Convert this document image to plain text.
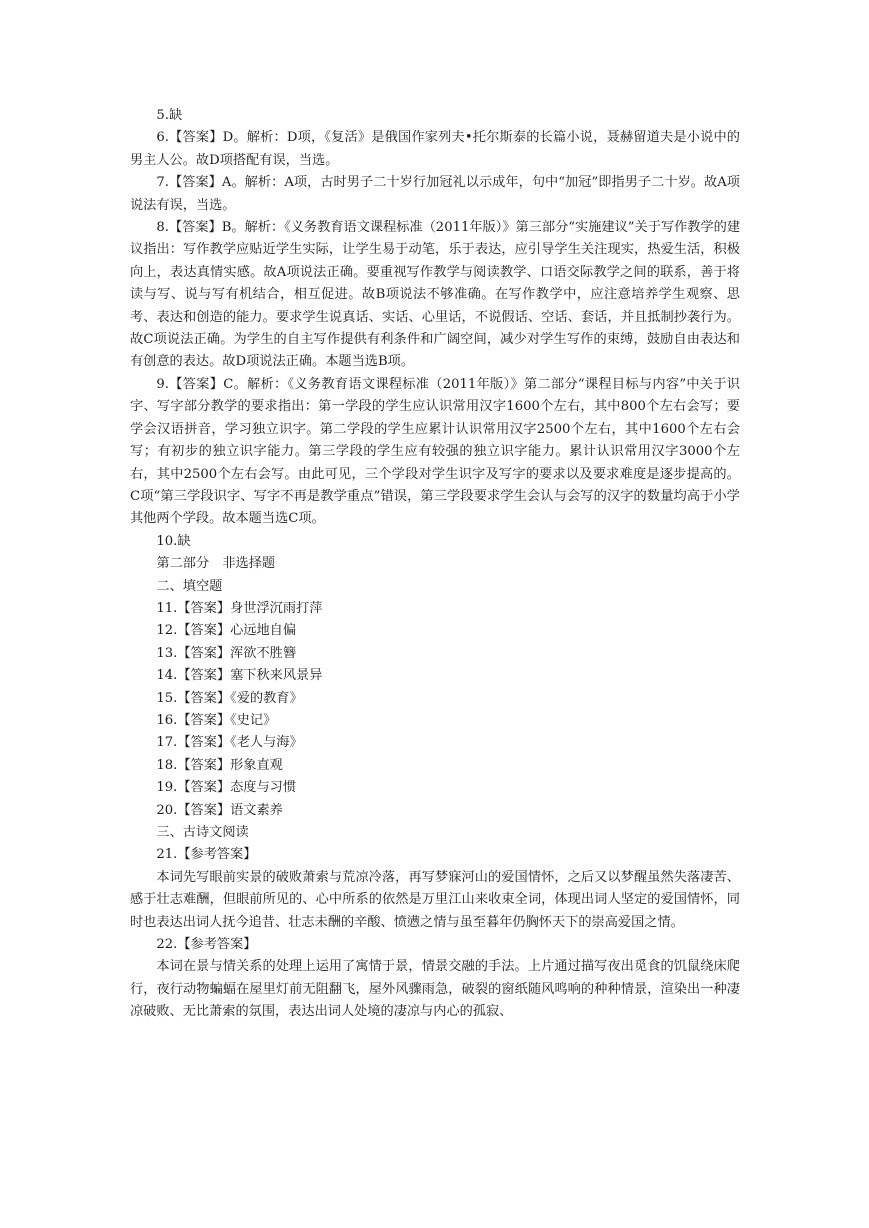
5.缺

6.【答案】D。解析：D项，《复活》是俄国作家列夫•托尔斯泰的长篇小说，聂赫留道夫是小说中的男主人公。故D项搭配有误，当选。

7.【答案】A。解析：A项，古时男子二十岁行加冠礼以示成年，句中“加冠”即指男子二十岁。故A项说法有误，当选。

8.【答案】B。解析：《义务教育语文课程标准（2011年版）》第三部分“实施建议”关于写作教学的建议指出：写作教学应贴近学生实际，让学生易于动笔，乐于表达，应引导学生关注现实，热爱生活，积极向上，表达真情实感。故A项说法正确。要重视写作教学与阅读教学、口语交际教学之间的联系，善于将读与写、说与写有机结合，相互促进。故B项说法不够准确。在写作教学中，应注意培养学生观察、思考、表达和创造的能力。要求学生说真话、实话、心里话，不说假话、空话、套话，并且抵制抄袭行为。故C项说法正确。为学生的自主写作提供有利条件和广阔空间，减少对学生写作的束缚，鼓励自由表达和有创意的表达。故D项说法正确。本题当选B项。

9.【答案】C。解析：《义务教育语文课程标准（2011年版）》第二部分“课程目标与内容”中关于识字、写字部分教学的要求指出：第一学段的学生应认识常用汉字1600个左右，其中800个左右会写；要学会汉语拼音，学习独立识字。第二学段的学生应累计认识常用汉字2500个左右，其中1600个左右会写；有初步的独立识字能力。第三学段的学生应有较强的独立识字能力。累计认识常用汉字3000个左右，其中2500个左右会写。由此可见，三个学段对学生识字及写字的要求以及要求难度是逐步提高的。C项“第三学段识字、写字不再是教学重点”错误，第三学段要求学生会认与会写的汉字的数量均高于小学其他两个学段。故本题当选C项。

10.缺

第二部分　非选择题

二、填空题

11.【答案】身世浮沉雨打萍

12.【答案】心远地自偏

13.【答案】浑欲不胜簪

14.【答案】塞下秋来风景异

15.【答案】《爱的教育》

16.【答案】《史记》

17.【答案】《老人与海》

18.【答案】形象直观

19.【答案】态度与习惯

20.【答案】语文素养

三、古诗文阅读

21.【参考答案】

本词先写眼前实景的破败萧索与荒凉冷落，再写梦寐河山的爱国情怀，之后又以梦醒虽然失落凄苦、感于壮志难酬，但眼前所见的、心中所系的依然是万里江山来收束全词，体现出词人坚定的爱国情怀，同时也表达出词人抚今追昔、壮志未酬的辛酸、愤懑之情与虽至暮年仍胸怀天下的崇高爱国之情。

22.【参考答案】

本词在景与情关系的处理上运用了寓情于景，情景交融的手法。上片通过描写夜出觅食的饥鼠绕床爬行，夜行动物蝙蝠在屋里灯前无阻翻飞，屋外风骤雨急，破裂的窗纸随风鸣响的种种情景，渲染出一种凄凉破败、无比萧索的氛围，表达出词人处境的凄凉与内心的孤寂、
